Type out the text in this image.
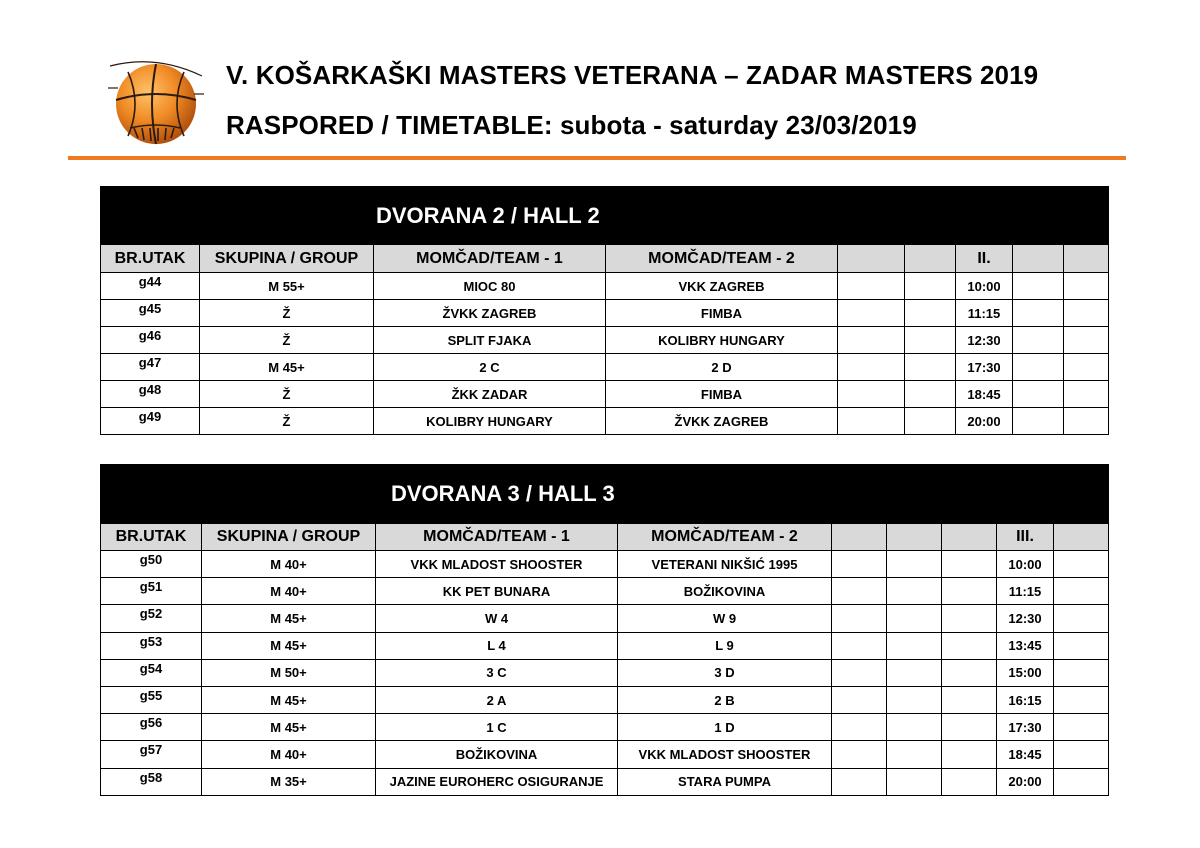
V. KOŠARKAŠKI MASTERS VETERANA – ZADAR MASTERS 2019
RASPORED / TIMETABLE: subota - saturday 23/03/2019
DVORANA 2 / HALL 2								
BR.UTAK	SKUPINA / GROUP	MOMČAD/TEAM - 1	MOMČAD/TEAM - 2			II.		
g44	M 55+	MIOC 80	VKK ZAGREB			10:00		
g45	Ž	ŽVKK ZAGREB	FIMBA			11:15		
g46	Ž	SPLIT FJAKA	KOLIBRY HUNGARY			12:30		
g47	M 45+	2 C	2 D			17:30		
g48	Ž	ŽKK ZADAR	FIMBA			18:45		
g49	Ž	KOLIBRY HUNGARY	ŽVKK ZAGREB			20:00		
DVORANA 3 / HALL 3								
BR.UTAK	SKUPINA / GROUP	MOMČAD/TEAM - 1	MOMČAD/TEAM - 2				III.	
g50	M 40+	VKK MLADOST SHOOSTER	VETERANI NIKŠIĆ 1995				10:00	
g51	M 40+	KK PET BUNARA	BOŽIKOVINA				11:15	
g52	M 45+	W 4	W 9				12:30	
g53	M 45+	L 4	L 9				13:45	
g54	M 50+	3 C	3 D				15:00	
g55	M 45+	2 A	2 B				16:15	
g56	M 45+	1 C	1 D				17:30	
g57	M 40+	BOŽIKOVINA	VKK MLADOST SHOOSTER				18:45	
g58	M 35+	JAZINE EUROHERC OSIGURANJE	STARA PUMPA				20:00	
